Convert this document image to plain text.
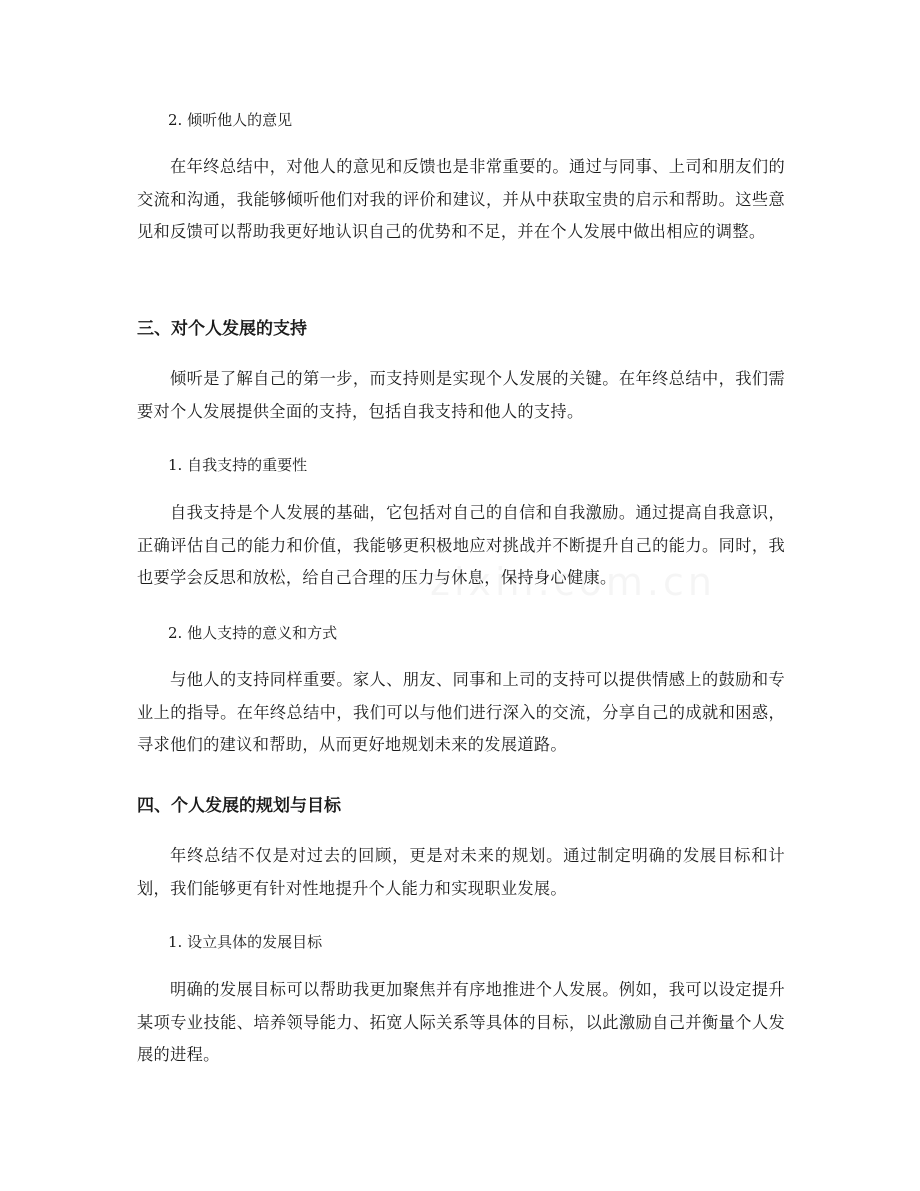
2. 倾听他人的意见

在年终总结中，对他人的意见和反馈也是非常重要的。通过与同事、上司和朋友们的交流和沟通，我能够倾听他们对我的评价和建议，并从中获取宝贵的启示和帮助。这些意见和反馈可以帮助我更好地认识自己的优势和不足，并在个人发展中做出相应的调整。

三、对个人发展的支持

倾听是了解自己的第一步，而支持则是实现个人发展的关键。在年终总结中，我们需要对个人发展提供全面的支持，包括自我支持和他人的支持。

1. 自我支持的重要性

自我支持是个人发展的基础，它包括对自己的自信和自我激励。通过提高自我意识，正确评估自己的能力和价值，我能够更积极地应对挑战并不断提升自己的能力。同时，我也要学会反思和放松，给自己合理的压力与休息，保持身心健康。

2. 他人支持的意义和方式

与他人的支持同样重要。家人、朋友、同事和上司的支持可以提供情感上的鼓励和专业上的指导。在年终总结中，我们可以与他们进行深入的交流，分享自己的成就和困惑，寻求他们的建议和帮助，从而更好地规划未来的发展道路。

四、个人发展的规划与目标

年终总结不仅是对过去的回顾，更是对未来的规划。通过制定明确的发展目标和计划，我们能够更有针对性地提升个人能力和实现职业发展。

1. 设立具体的发展目标

明确的发展目标可以帮助我更加聚焦并有序地推进个人发展。例如，我可以设定提升某项专业技能、培养领导能力、拓宽人际关系等具体的目标，以此激励自己并衡量个人发展的进程。
